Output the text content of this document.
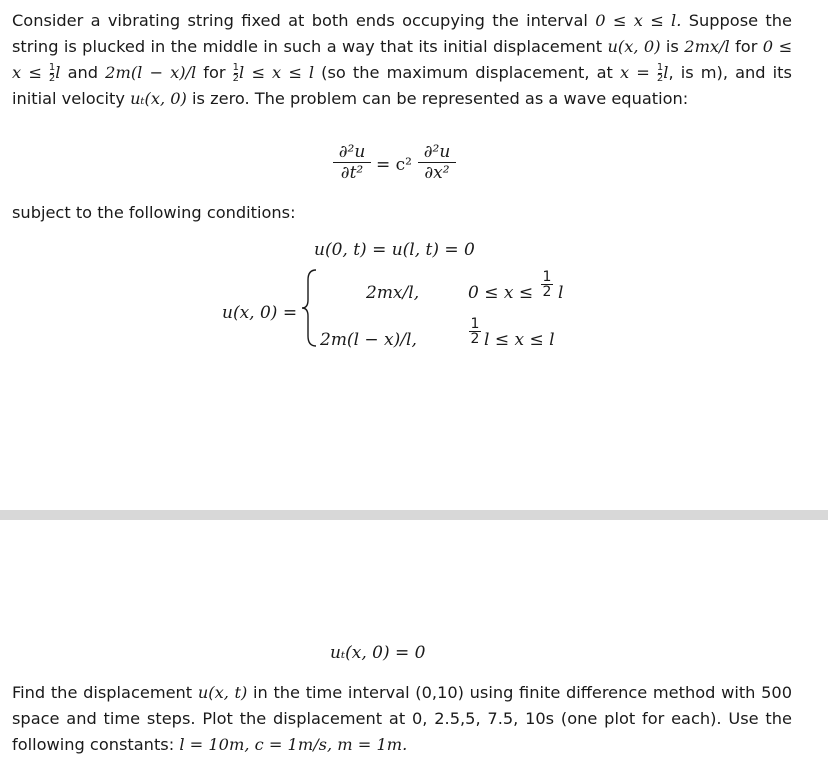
Consider a vibrating string fixed at both ends occupying the interval 0 ≤ x ≤ l. Suppose the string is plucked in the middle in such a way that its initial displacement u(x, 0) is 2mx/l for $0 \le x \le \frac{1}{2}$ l and 2m(l − x)/l for $\frac{1}{2}$ l ≤ x ≤ l (so the maximum displacement, at $x = \frac{1}{2} l$, is m), and its initial velocity uₜ(x, 0) is zero. The problem can be represented as a wave equation:
∂²u
∂t² = c²
∂²u
∂x²
subject to the following conditions:
u(0, t) = u(l, t) = 0
u(x, 0) =
2mx/l,	0 ≤ x ≤
1
2 l
2m(l − x)/l,
1
2 l ≤ x ≤ l
uₜ(x, 0) = 0
Find the displacement u(x, t) in the time interval (0,10) using finite difference method with 500 space and time steps. Plot the displacement at 0, 2.5,5, 7.5, 10s (one plot for each). Use the following constants: l = 10m, c = 1m/s, m = 1m.
